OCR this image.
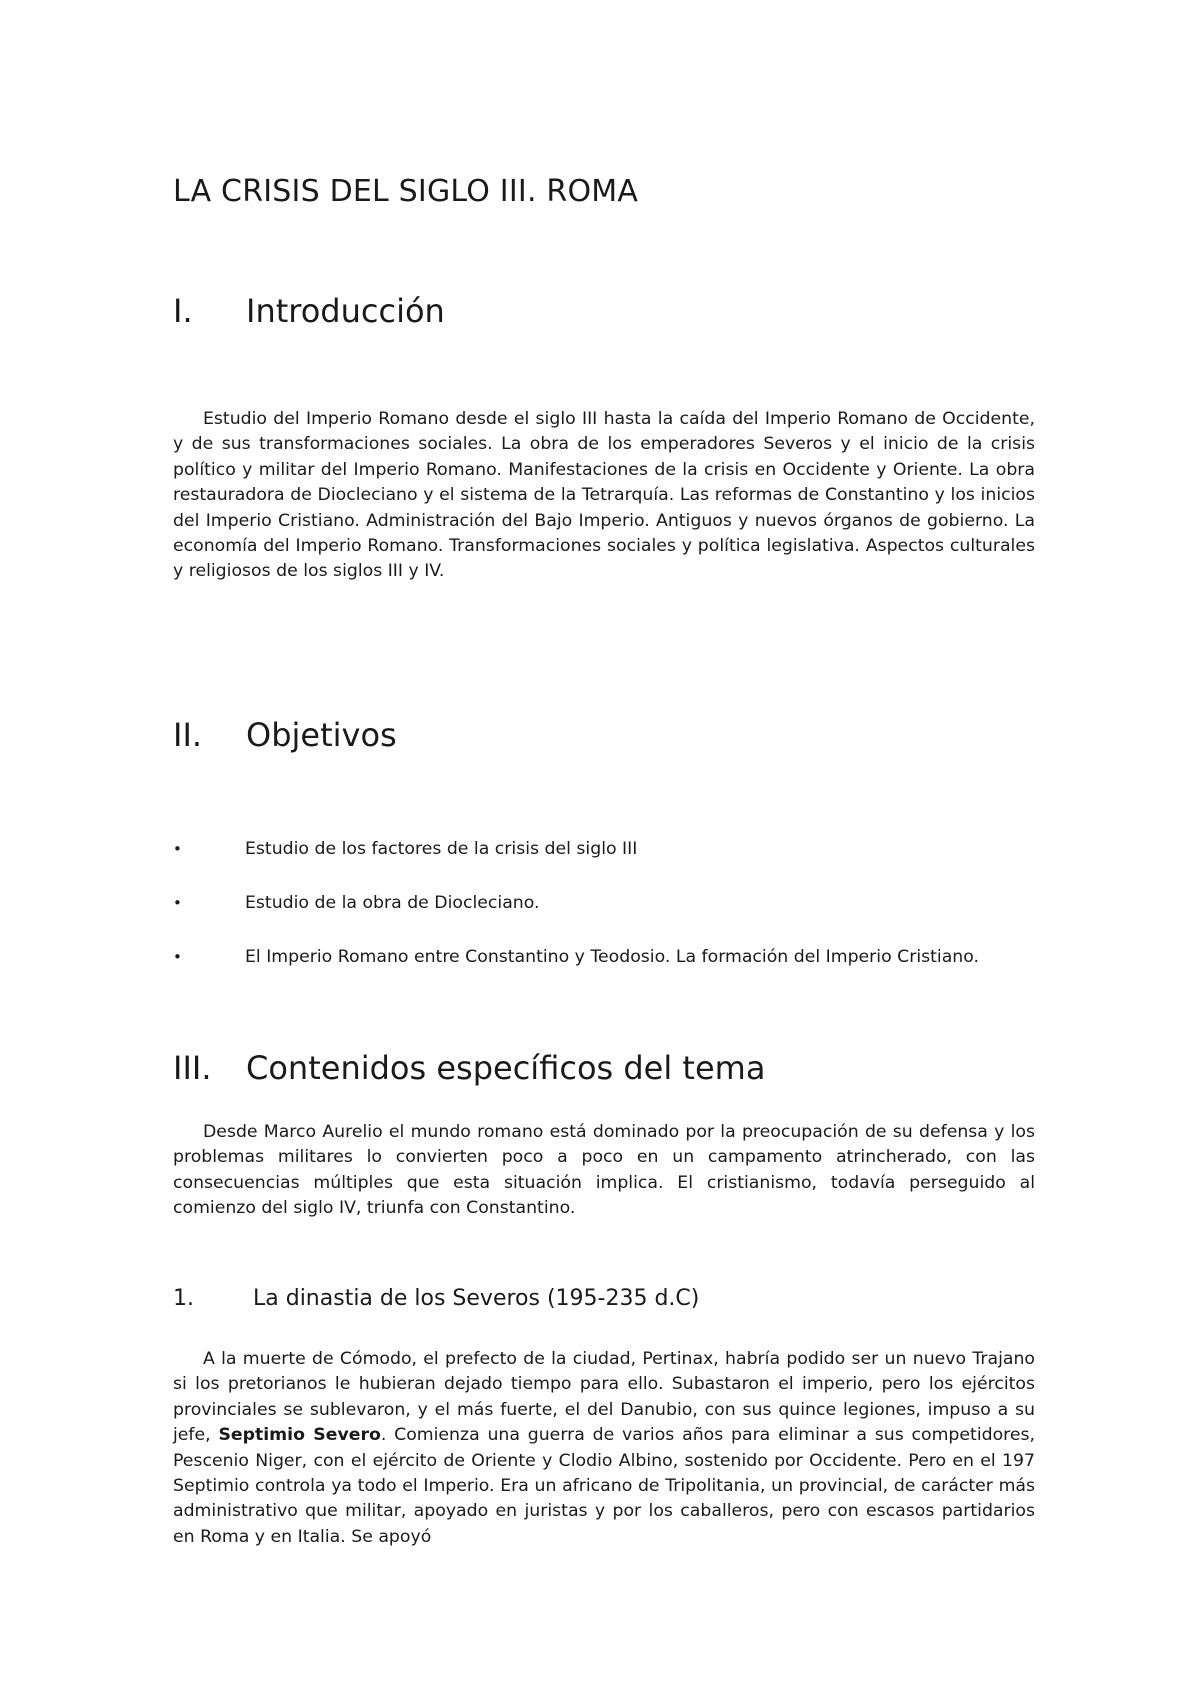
LA CRISIS DEL SIGLO III. ROMA
I. Introducción

Estudio del Imperio Romano desde el siglo III hasta la caída del Imperio Romano de Occidente, y de sus transformaciones sociales. La obra de los emperadores Severos y el inicio de la crisis político y militar del Imperio Romano. Manifestaciones de la crisis en Occidente y Oriente. La obra restauradora de Diocleciano y el sistema de la Tetrarquía. Las reformas de Constantino y los inicios del Imperio Cristiano. Administración del Bajo Imperio. Antiguos y nuevos órganos de gobierno. La economía del Imperio Romano. Transformaciones sociales y política legislativa. Aspectos culturales y religiosos de los siglos III y IV.

II. Objetivos
•	Estudio de los factores de la crisis del siglo III
•	Estudio de la obra de Diocleciano.
•	El Imperio Romano entre Constantino y Teodosio. La formación del Imperio Cristiano.
III. Contenidos específicos del tema

Desde Marco Aurelio el mundo romano está dominado por la preocupación de su defensa y los problemas militares lo convierten poco a poco en un campamento atrincherado, con las consecuencias múltiples que esta situación implica. El cristianismo, todavía perseguido al comienzo del siglo IV, triunfa con Constantino.

1.	La dinastia de los Severos (195-235 d.C)

A la muerte de Cómodo, el prefecto de la ciudad, Pertinax, habría podido ser un nuevo Trajano si los pretorianos le hubieran dejado tiempo para ello. Subastaron el imperio, pero los ejércitos provinciales se sublevaron, y el más fuerte, el del Danubio, con sus quince legiones, impuso a su jefe, Septimio Severo. Comienza una guerra de varios años para eliminar a sus competidores, Pescenio Niger, con el ejército de Oriente y Clodio Albino, sostenido por Occidente. Pero en el 197 Septimio controla ya todo el Imperio. Era un africano de Tripolitania, un provincial, de carácter más administrativo que militar, apoyado en juristas y por los caballeros, pero con escasos partidarios en Roma y en Italia. Se apoyó
